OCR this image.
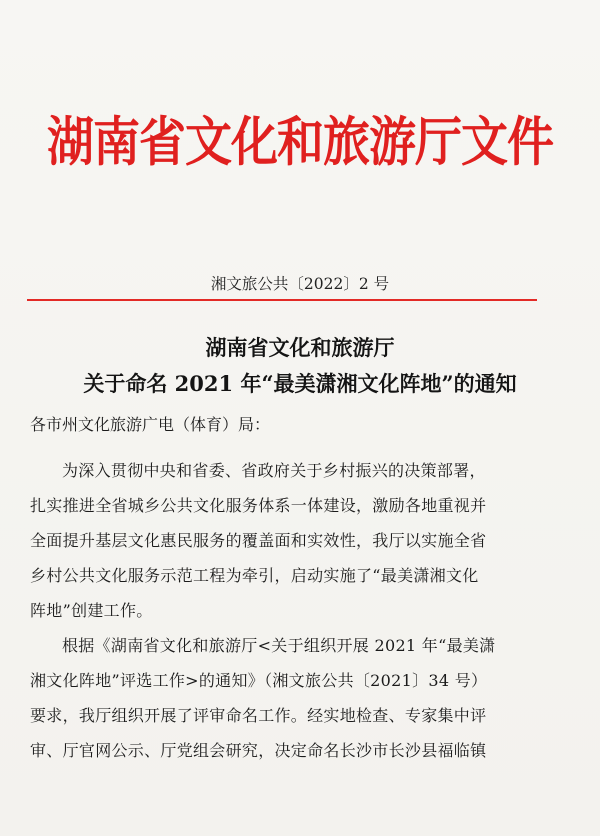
湖南省文化和旅游厅文件
湘文旅公共〔2022〕2 号
湖南省文化和旅游厅
关于命名 2021 年“最美潇湘文化阵地”的通知
各市州文化旅游广电（体育）局：
为深入贯彻中央和省委、省政府关于乡村振兴的决策部署，
扎实推进全省城乡公共文化服务体系一体建设，激励各地重视并
全面提升基层文化惠民服务的覆盖面和实效性，我厅以实施全省
乡村公共文化服务示范工程为牵引，启动实施了“最美潇湘文化
阵地”创建工作。
根据《湖南省文化和旅游厅<关于组织开展 2021 年“最美潇
湘文化阵地”评选工作>的通知》（湘文旅公共〔2021〕34 号）
要求，我厅组织开展了评审命名工作。经实地检查、专家集中评
审、厅官网公示、厅党组会研究，决定命名长沙市长沙县福临镇
